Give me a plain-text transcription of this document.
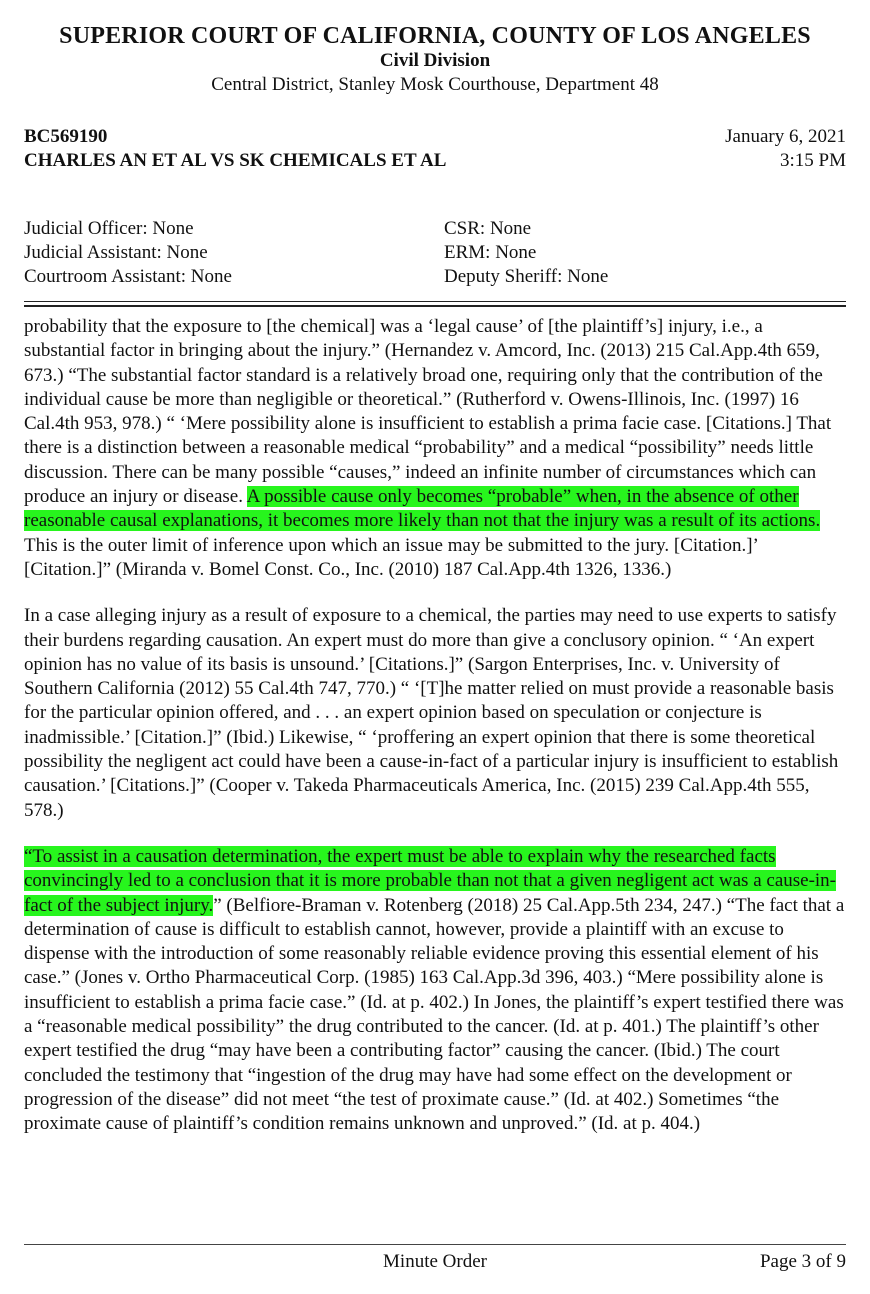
SUPERIOR COURT OF CALIFORNIA, COUNTY OF LOS ANGELES
Civil Division
Central District, Stanley Mosk Courthouse, Department 48
BC569190
CHARLES AN ET AL VS SK CHEMICALS ET AL
January 6, 2021
3:15 PM
Judicial Officer: None
Judicial Assistant: None
Courtroom Assistant: None
CSR: None
ERM: None
Deputy Sheriff: None

probability that the exposure to [the chemical] was a ‘legal cause’ of [the plaintiff’s] injury, i.e., a substantial factor in bringing about the injury.” (Hernandez v. Amcord, Inc. (2013) 215 Cal.App.4th 659, 673.) “The substantial factor standard is a relatively broad one, requiring only that the contribution of the individual cause be more than negligible or theoretical.” (Rutherford v. Owens-Illinois, Inc. (1997) 16 Cal.4th 953, 978.) “ ‘Mere possibility alone is insufficient to establish a prima facie case. [Citations.] That there is a distinction between a reasonable medical “probability” and a medical “possibility” needs little discussion. There can be many possible “causes,” indeed an infinite number of circumstances which can produce an injury or disease. A possible cause only becomes “probable” when, in the absence of other reasonable causal explanations, it becomes more likely than not that the injury was a result of its actions. This is the outer limit of inference upon which an issue may be submitted to the jury. [Citation.]’ [Citation.]” (Miranda v. Bomel Const. Co., Inc. (2010) 187 Cal.App.4th 1326, 1336.)

In a case alleging injury as a result of exposure to a chemical, the parties may need to use experts to satisfy their burdens regarding causation. An expert must do more than give a conclusory opinion. “ ‘An expert opinion has no value of its basis is unsound.’ [Citations.]” (Sargon Enterprises, Inc. v. University of Southern California (2012) 55 Cal.4th 747, 770.) “ ‘[T]he matter relied on must provide a reasonable basis for the particular opinion offered, and . . . an expert opinion based on speculation or conjecture is inadmissible.’ [Citation.]” (Ibid.) Likewise, “ ‘proffering an expert opinion that there is some theoretical possibility the negligent act could have been a cause-in-fact of a particular injury is insufficient to establish causation.’ [Citations.]” (Cooper v. Takeda Pharmaceuticals America, Inc. (2015) 239 Cal.App.4th 555, 578.)

“To assist in a causation determination, the expert must be able to explain why the researched facts convincingly led to a conclusion that it is more probable than not that a given negligent act was a cause-in-fact of the subject injury.” (Belfiore-Braman v. Rotenberg (2018) 25 Cal.App.5th 234, 247.) “The fact that a determination of cause is difficult to establish cannot, however, provide a plaintiff with an excuse to dispense with the introduction of some reasonably reliable evidence proving this essential element of his case.” (Jones v. Ortho Pharmaceutical Corp. (1985) 163 Cal.App.3d 396, 403.) “Mere possibility alone is insufficient to establish a prima facie case.” (Id. at p. 402.) In Jones, the plaintiff’s expert testified there was a “reasonable medical possibility” the drug contributed to the cancer. (Id. at p. 401.) The plaintiff’s other expert testified the drug “may have been a contributing factor” causing the cancer. (Ibid.) The court concluded the testimony that “ingestion of the drug may have had some effect on the development or progression of the disease” did not meet “the test of proximate cause.” (Id. at 402.) Sometimes “the proximate cause of plaintiff’s condition remains unknown and unproved.” (Id. at p. 404.)

Minute Order	Page 3 of 9
